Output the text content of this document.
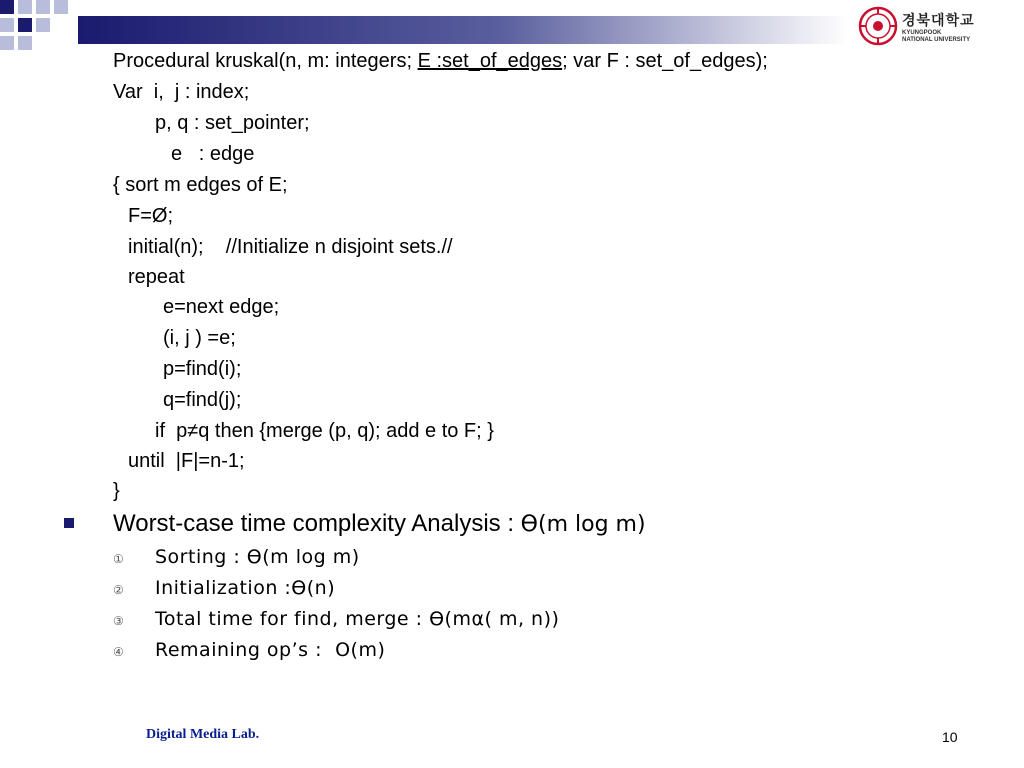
경북대학교
KYUNGPOOK
NATIONAL UNIVERSITY
Procedural kruskal(n, m: integers; E :set_of_edges; var F : set_of_edges);
Var  i,  j : index;
p, q : set_pointer;
e   : edge
{ sort m edges of E;
F=Ø;
initial(n);    //Initialize n disjoint sets.//
repeat
e=next edge;
(i, j ) =e;
p=find(i);
q=find(j);
if  p≠q then {merge (p, q); add e to F; }
until  |F|=n-1;
}
Worst-case time complexity Analysis : ϴ(m log m)
① Sorting : ϴ(m log m)
② Initialization :ϴ(n)
③ Total time for find, merge : ϴ(mα( m, n))
④ Remaining op’s :  O(m)
Digital Media Lab.	10
